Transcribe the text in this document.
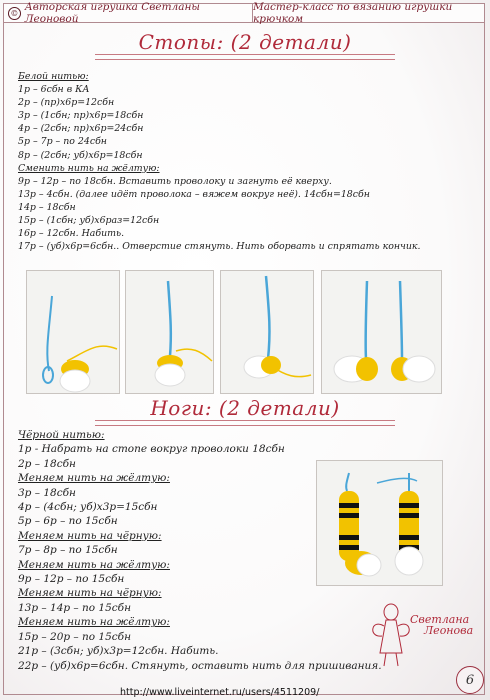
© Авторская игрушка Светланы Леоновой
Мастер-класс по вязанию игрушки крючком
Стопы: (2 детали)
Белой нитью:
1р – 6сбн в КА
2р – (пр)х6р=12сбн
3р – (1сбн; пр)х6р=18сбн
4р – (2сбн; пр)х6р=24сбн
5р – 7р – по 24сбн
8р – (2сбн; уб)х6р=18сбн
Сменить нить на жёлтую:
9р – 12р – по 18сбн. Вставить проволоку и загнуть её кверху.
13р – 4сбн. (далее идёт проволока – вяжем вокруг неё). 14сбн=18сбн
14р – 18сбн
15р – (1сбн; уб)х6раз=12сбн
16р – 12сбн. Набить.
17р – (уб)х6р=6сбн.. Отверстие стянуть. Нить оборвать и спрятать кончик.
Ноги: (2 детали)
Чёрной нитью:
1р - Набрать на стопе вокруг проволоки 18сбн
2р – 18сбн
Меняем нить на жёлтую:
3р – 18сбн
4р – (4сбн; уб)х3р=15сбн
5р – 6р – по 15сбн
Меняем нить на чёрную:
7р – 8р – по 15сбн
Меняем нить на жёлтую:
9р – 12р – по 15сбн
Меняем нить на чёрную:
13р – 14р – по 15сбн
Меняем нить на жёлтую:
15р – 20р – по 15сбн
21р – (3сбн; уб)х3р=12сбн. Набить.
22р – (уб)х6р=6сбн. Стянуть, оставить нить для пришивания.
Светлана
Леонова
6
http://www.liveinternet.ru/users/4511209/
